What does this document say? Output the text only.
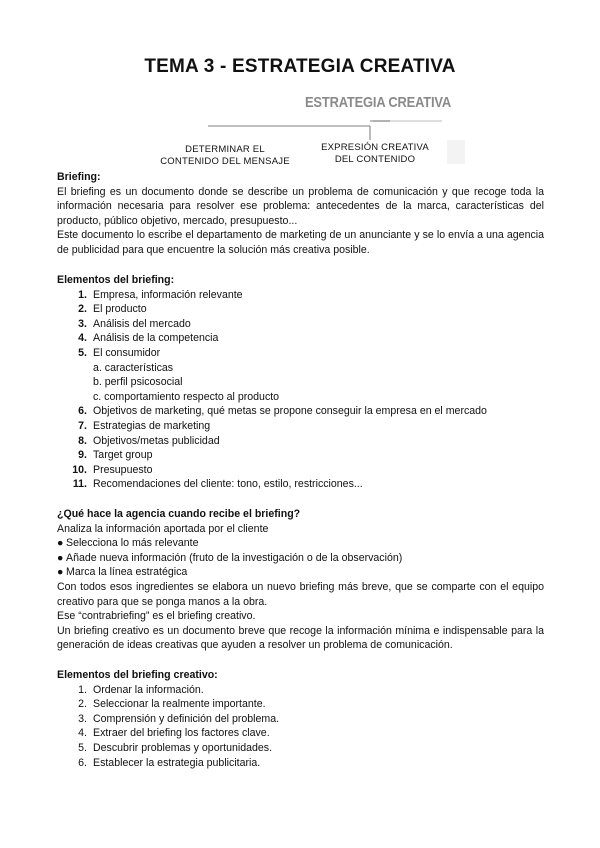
TEMA 3 - ESTRATEGIA CREATIVA
ESTRATEGIA CREATIVA
DETERMINAR EL
CONTENIDO DEL MENSAJE
EXPRESIÓN CREATIVA
DEL CONTENIDO

Briefing:

El briefing es un documento donde se describe un problema de comunicación y que recoge toda la información necesaria para resolver ese problema: antecedentes de la marca, características del producto, público objetivo, mercado, presupuesto...

Este documento lo escribe el departamento de marketing de un anunciante y se lo envía a una agencia de publicidad para que encuentre la solución más creativa posible.

Elementos del briefing:

1. Empresa, información relevante
2. El producto
3. Análisis del mercado
4. Análisis de la competencia
5. El consumidor
a. características
b. perfil psicosocial
c. comportamiento respecto al producto
6. Objetivos de marketing, qué metas se propone conseguir la empresa en el mercado
7. Estrategias de marketing
8. Objetivos/metas publicidad
9. Target group
10. Presupuesto
11. Recomendaciones del cliente: tono, estilo, restricciones...

¿Qué hace la agencia cuando recibe el briefing?

Analiza la información aportada por el cliente

● Selecciona lo más relevante
● Añade nueva información (fruto de la investigación o de la observación)
● Marca la línea estratégica

Con todos esos ingredientes se elabora un nuevo briefing más breve, que se comparte con el equipo creativo para que se ponga manos a la obra.

Ese “contrabriefing” es el briefing creativo.

Un briefing creativo es un documento breve que recoge la información mínima e indispensable para la generación de ideas creativas que ayuden a resolver un problema de comunicación.

Elementos del briefing creativo:

1. Ordenar la información.
2. Seleccionar la realmente importante.
3. Comprensión y definición del problema.
4. Extraer del briefing los factores clave.
5. Descubrir problemas y oportunidades.
6. Establecer la estrategia publicitaria.
